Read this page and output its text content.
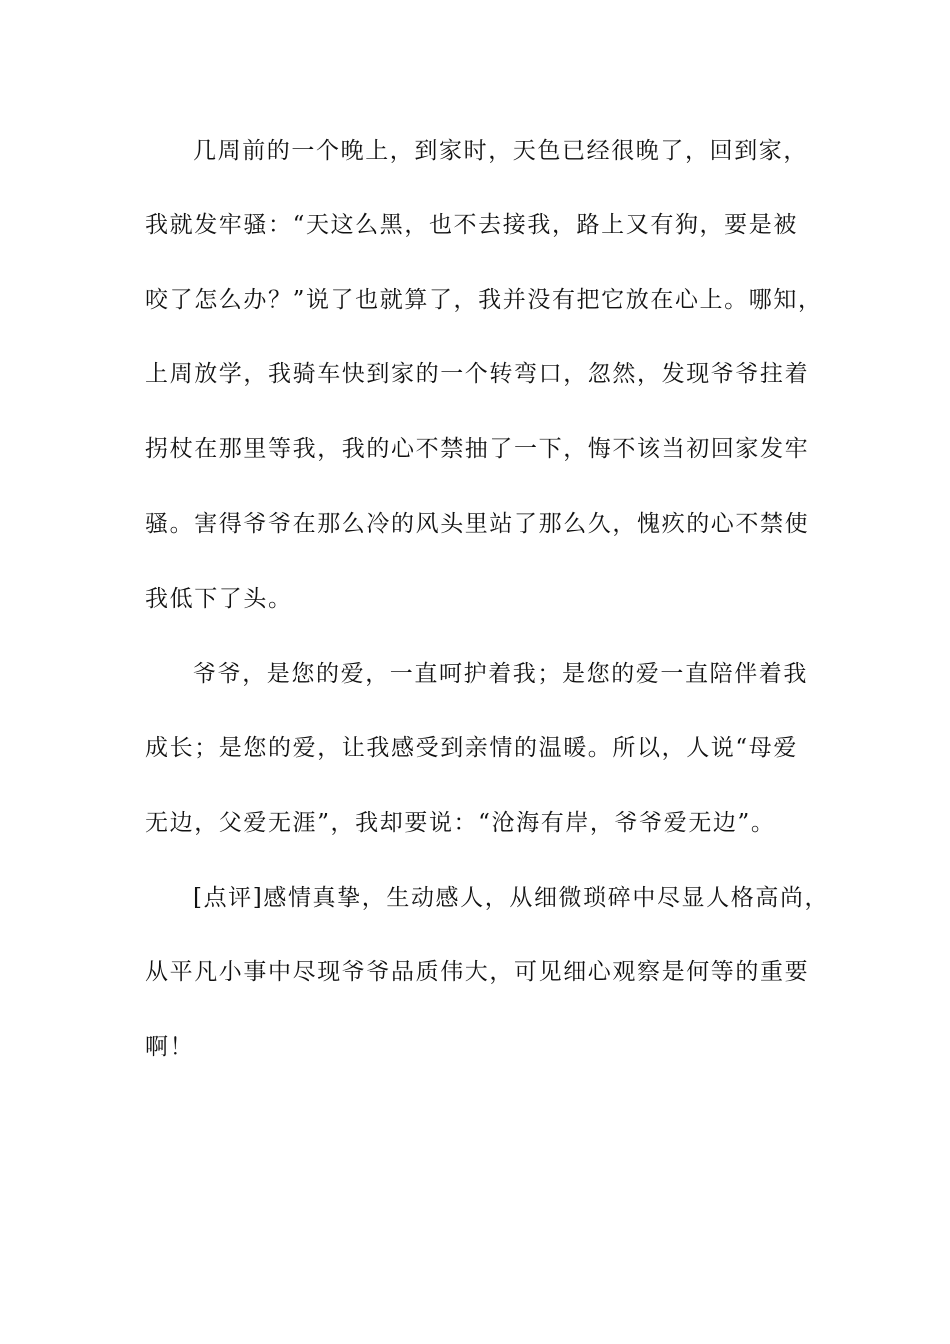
几周前的一个晚上，到家时，天色已经很晚了，回到家，
我就发牢骚：“天这么黑，也不去接我，路上又有狗，要是被
咬了怎么办？”说了也就算了，我并没有把它放在心上。哪知，
上周放学，我骑车快到家的一个转弯口，忽然，发现爷爷拄着
拐杖在那里等我，我的心不禁抽了一下，悔不该当初回家发牢
骚。害得爷爷在那么冷的风头里站了那么久，愧疚的心不禁使
我低下了头。
爷爷，是您的爱，一直呵护着我；是您的爱一直陪伴着我
成长；是您的爱，让我感受到亲情的温暖。所以，人说“母爱
无边，父爱无涯”，我却要说：“沧海有岸，爷爷爱无边”。
[点评]感情真挚，生动感人，从细微琐碎中尽显人格高尚，
从平凡小事中尽现爷爷品质伟大，可见细心观察是何等的重要
啊！
